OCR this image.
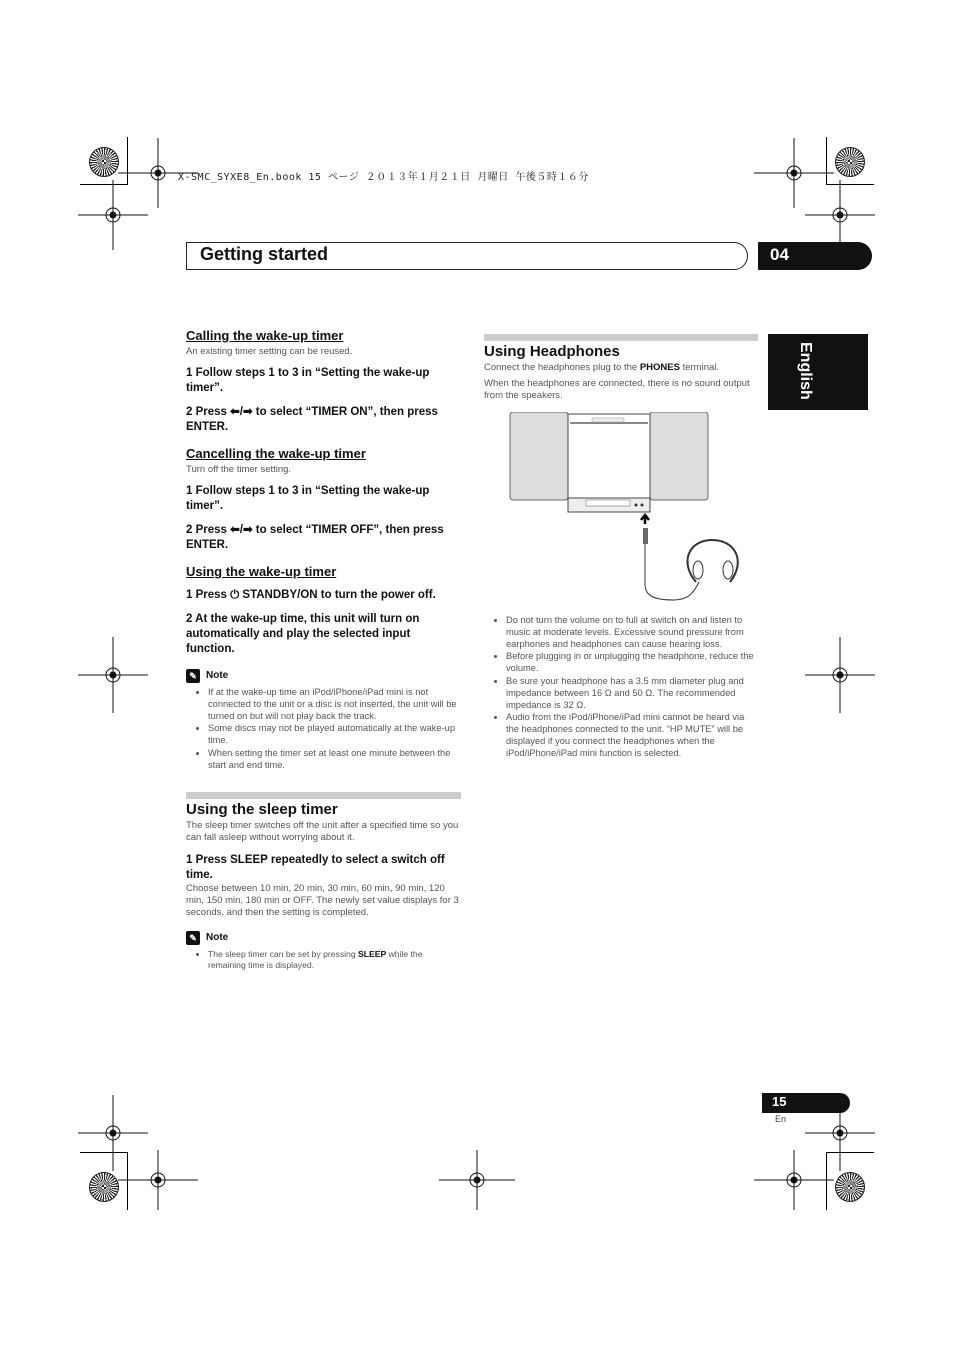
X-SMC_SYXE8_En.book 15 ページ ２０１３年１月２１日 月曜日 午後５時１６分
Getting started	04
English
Calling the wake-up timer

An existing timer setting can be reused.

1 Follow steps 1 to 3 in “Setting the wake-up timer”.

2 Press ⬅/➡ to select “TIMER ON”, then press ENTER.

Cancelling the wake-up timer

Turn off the timer setting.

1 Follow steps 1 to 3 in “Setting the wake-up timer”.

2 Press ⬅/➡ to select “TIMER OFF”, then press ENTER.

Using the wake-up timer

1 Press ⏻ STANDBY/ON to turn the power off.

2 At the wake-up time, this unit will turn on automatically and play the selected input function.

✎ Note
• If at the wake-up time an iPod/iPhone/iPad mini is not connected to the unit or a disc is not inserted, the unit will be turned on but will not play back the track.
• Some discs may not be played automatically at the wake-up time.
• When setting the timer set at least one minute between the start and end time.
Using the sleep timer

The sleep timer switches off the unit after a specified time so you can fall asleep without worrying about it.

1 Press SLEEP repeatedly to select a switch off time.

Choose between 10 min, 20 min, 30 min, 60 min, 90 min, 120 min, 150 min, 180 min or OFF. The newly set value displays for 3 seconds, and then the setting is completed.

✎ Note
• The sleep timer can be set by pressing SLEEP while the remaining time is displayed.
Using Headphones

Connect the headphones plug to the PHONES terminal.

When the headphones are connected, there is no sound output from the speakers.

• Do not turn the volume on to full at switch on and listen to music at moderate levels. Excessive sound pressure from earphones and headphones can cause hearing loss.
• Before plugging in or unplugging the headphone, reduce the volume.
• Be sure your headphone has a 3.5 mm diameter plug and impedance between 16 Ω and 50 Ω. The recommended impedance is 32 Ω.
• Audio from the iPod/iPhone/iPad mini cannot be heard via the headphones connected to the unit. “HP MUTE” will be displayed if you connect the headphones when the iPod/iPhone/iPad mini function is selected.
15
En
